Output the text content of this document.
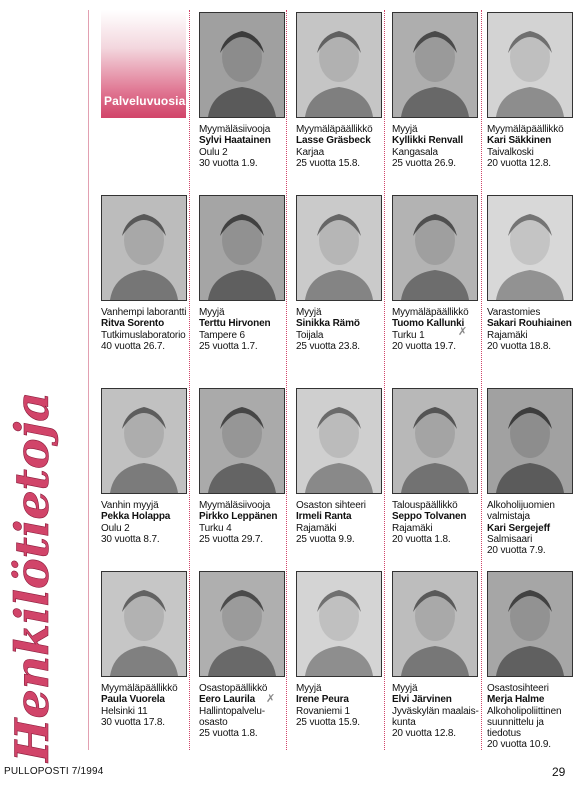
Henkilötietoja
Palveluvuosia
Myymäläsiivooja
Sylvi Haatainen
Oulu 2
30 vuotta 1.9.
Myymäläpäällikkö
Lasse Gräsbeck
Karjaa
25 vuotta 15.8.
Myyjä
Kyllikki Renvall
Kangasala
25 vuotta 26.9.
Myymäläpäällikkö
Kari Säkkinen
Taivalkoski
20 vuotta 12.8.
Vanhempi laborantti
Ritva Sorento
Tutkimuslaboratorio
40 vuotta 26.7.
Myyjä
Terttu Hirvonen
Tampere 6
25 vuotta 1.7.
Myyjä
Sinikka Rämö
Toijala
25 vuotta 23.8.
Myymäläpäällikkö
Tuomo Kallunki
Turku 1
20 vuotta 19.7.
Varastomies
Sakari Rouhiainen
Rajamäki
20 vuotta 18.8.
Vanhin myyjä
Pekka Holappa
Oulu 2
30 vuotta 8.7.
Myymäläsiivooja
Pirkko Leppänen
Turku 4
25 vuotta 29.7.
Osaston sihteeri
Irmeli Ranta
Rajamäki
25 vuotta 9.9.
Talouspäällikkö
Seppo Tolvanen
Rajamäki
20 vuotta 1.8.
Alkoholijuomien valmistaja
Kari Sergejeff
Salmisaari
20 vuotta 7.9.
Myymäläpäällikkö
Paula Vuorela
Helsinki 11
30 vuotta 17.8.
Osastopäällikkö
Eero Laurila
Hallintopalvelu-osasto
25 vuotta 1.8.
Myyjä
Irene Peura
Rovaniemi 1
25 vuotta 15.9.
Myyjä
Elvi Järvinen
Jyväskylän maalais-kunta
20 vuotta 12.8.
Osastosihteeri
Merja Halme
Alkoholipoliittinen suunnittelu ja tiedotus
20 vuotta 10.9.
✗
✗
PULLOPOSTI 7/1994	29
